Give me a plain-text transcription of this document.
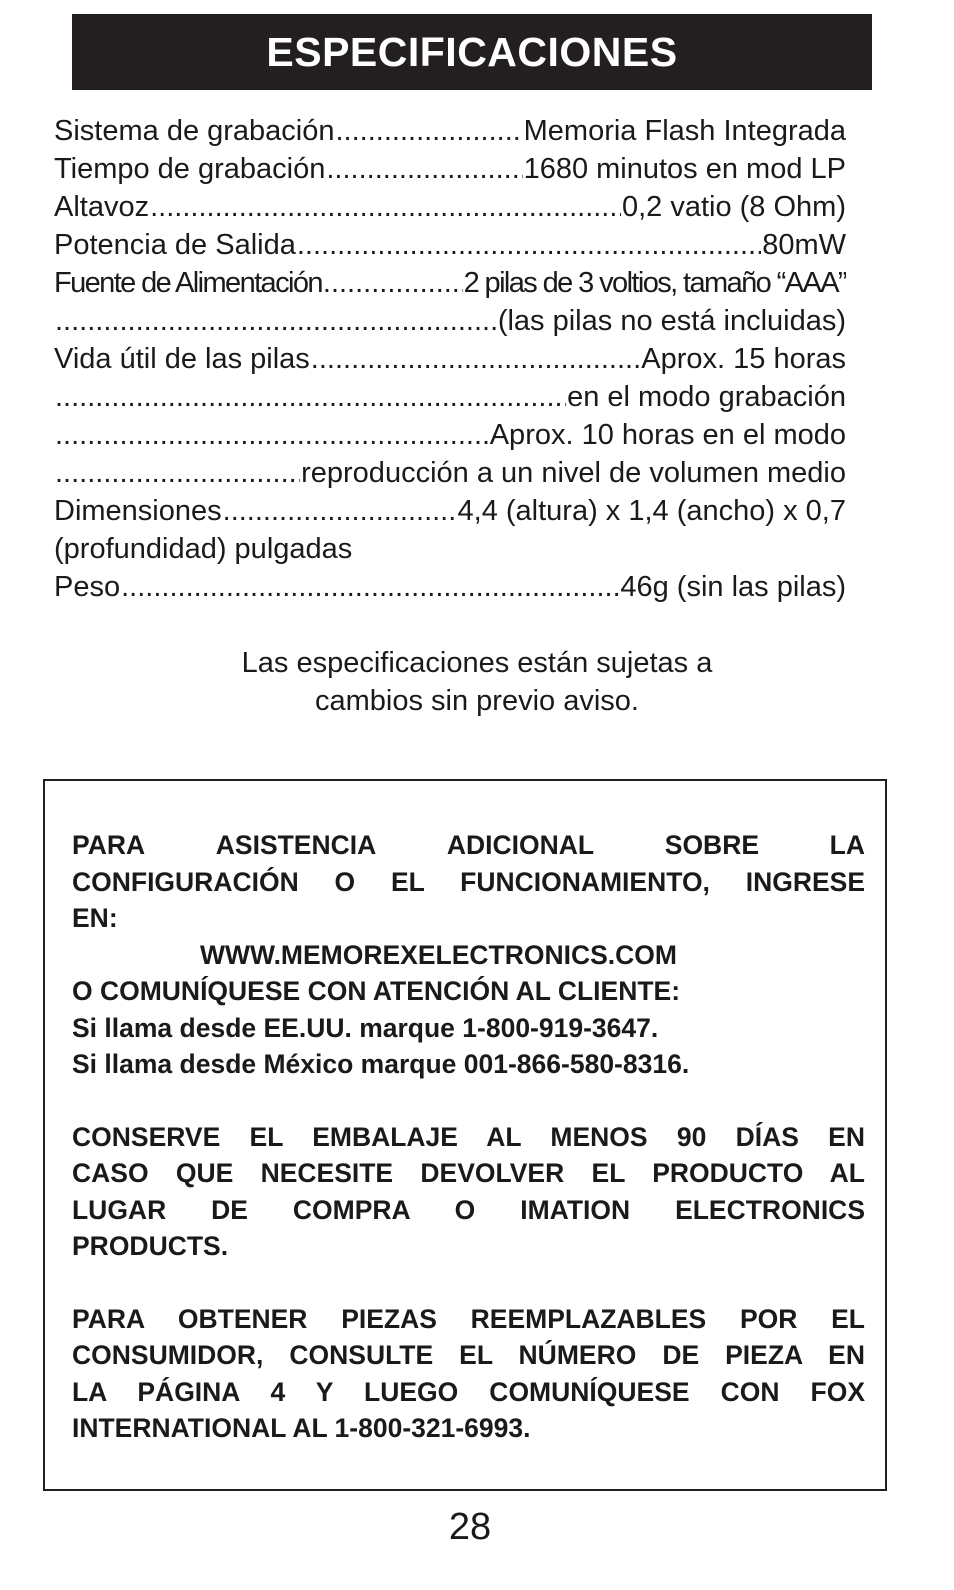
ESPECIFICACIONES
Sistema de grabación .....	Memoria Flash Integrada
Tiempo de grabación .....	1680 minutos en mod LP
Altavoz .....	0,2 vatio (8 Ohm)
Potencia de Salida .....	80mW
Fuente de Alimentación .....	2 pilas de 3 voltios, tamaño “AAA”
.....
(las pilas no está incluidas)
Vida útil de las pilas .....	Aprox. 15 horas
.....
en el modo grabación
.....
Aprox. 10 horas en el modo
.....
reproducción a un nivel de volumen medio
Dimensiones .....	4,4 (altura) x 1,4 (ancho) x 0,7
(profundidad) pulgadas
Peso .....	46g (sin las pilas)
Las especificaciones están sujetas a
cambios sin previo aviso.
PARA	ASISTENCIA	ADICIONAL	SOBRE	LA
CONFIGURACIÓN O EL FUNCIONAMIENTO, INGRESE
EN:
WWW.MEMOREXELECTRONICS.COM
O COMUNÍQUESE CON ATENCIÓN AL CLIENTE:
Si llama desde EE.UU. marque 1-800-919-3647.
Si llama desde México marque 001-866-580-8316.
CONSERVE EL EMBALAJE AL MENOS 90 DÍAS EN
CASO QUE NECESITE DEVOLVER EL PRODUCTO AL
LUGAR DE COMPRA O IMATION ELECTRONICS
PRODUCTS.
PARA OBTENER PIEZAS REEMPLAZABLES POR EL
CONSUMIDOR, CONSULTE EL NÚMERO DE PIEZA EN
LA PÁGINA 4 Y LUEGO COMUNÍQUESE CON FOX
INTERNATIONAL AL 1-800-321-6993.
28
